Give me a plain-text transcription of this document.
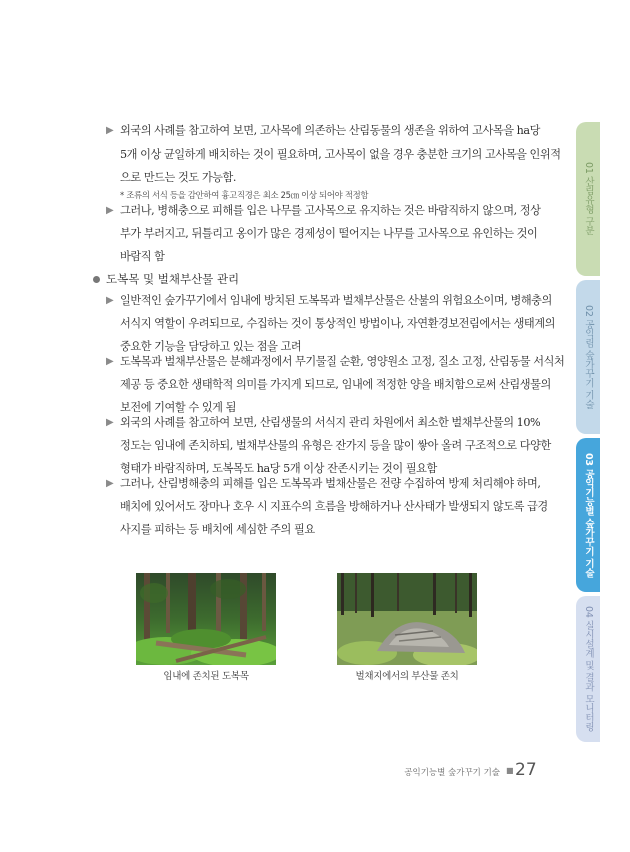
▶ 외국의 사례를 참고하여 보면, 고사목에 의존하는 산림동물의 생존을 위하여 고사목을 ha당
5개 이상 균일하게 배치하는 것이 필요하며, 고사목이 없을 경우 충분한 크기의 고사목을 인위적
으로 만드는 것도 가능함.
* 조류의 서식 등을 감안하여 흉고직경은 최소 25㎝ 이상 되어야 적정함
▶ 그러나, 병해충으로 피해를 입은 나무를 고사목으로 유지하는 것은 바람직하지 않으며, 정상
부가 부러지고, 뒤틀리고 옹이가 많은 경제성이 떨어지는 나무를 고사목으로 유인하는 것이
바람직 함
도복목 및 벌채부산물 관리
▶ 일반적인 숲가꾸기에서 임내에 방치된 도복목과 벌채부산물은 산불의 위험요소이며, 병해충의
서식지 역할이 우려되므로, 수집하는 것이 통상적인 방법이나, 자연환경보전림에서는 생태계의
중요한 기능을 담당하고 있는 점을 고려
▶ 도복목과 벌채부산물은 분해과정에서 무기물질 순환, 영양원소 고정, 질소 고정, 산림동물 서식처
제공 등 중요한 생태학적 의미를 가지게 되므로, 임내에 적정한 양을 배치함으로써 산림생물의
보전에 기여할 수 있게 됨
▶ 외국의 사례를 참고하여 보면, 산림생물의 서식지 관리 차원에서 최소한 벌채부산물의 10%
정도는 임내에 존치하되, 벌채부산물의 유형은 잔가지 등을 많이 쌓아 올려 구조적으로 다양한
형태가 바람직하며, 도복목도 ha당 5개 이상 잔존시키는 것이 필요함
▶ 그러나, 산림병해충의 피해를 입은 도복목과 벌채산물은 전량 수집하여 방제 처리해야 하며,
배치에 있어서도 장마나 호우 시 지표수의 흐름을 방해하거나 산사태가 발생되지 않도록 급경
사지를 피하는 등 배치에 세심한 주의 필요
임내에 존치된 도복목	벌채지에서의 부산물 존치
01 산림유형 구분
02 공익림 숲가꾸기 기술
03 공익기능별 숲가꾸기 기술
04 실시설계 및 결과 모니터링
공익기능별 숲가꾸기 기술 ■ 27
